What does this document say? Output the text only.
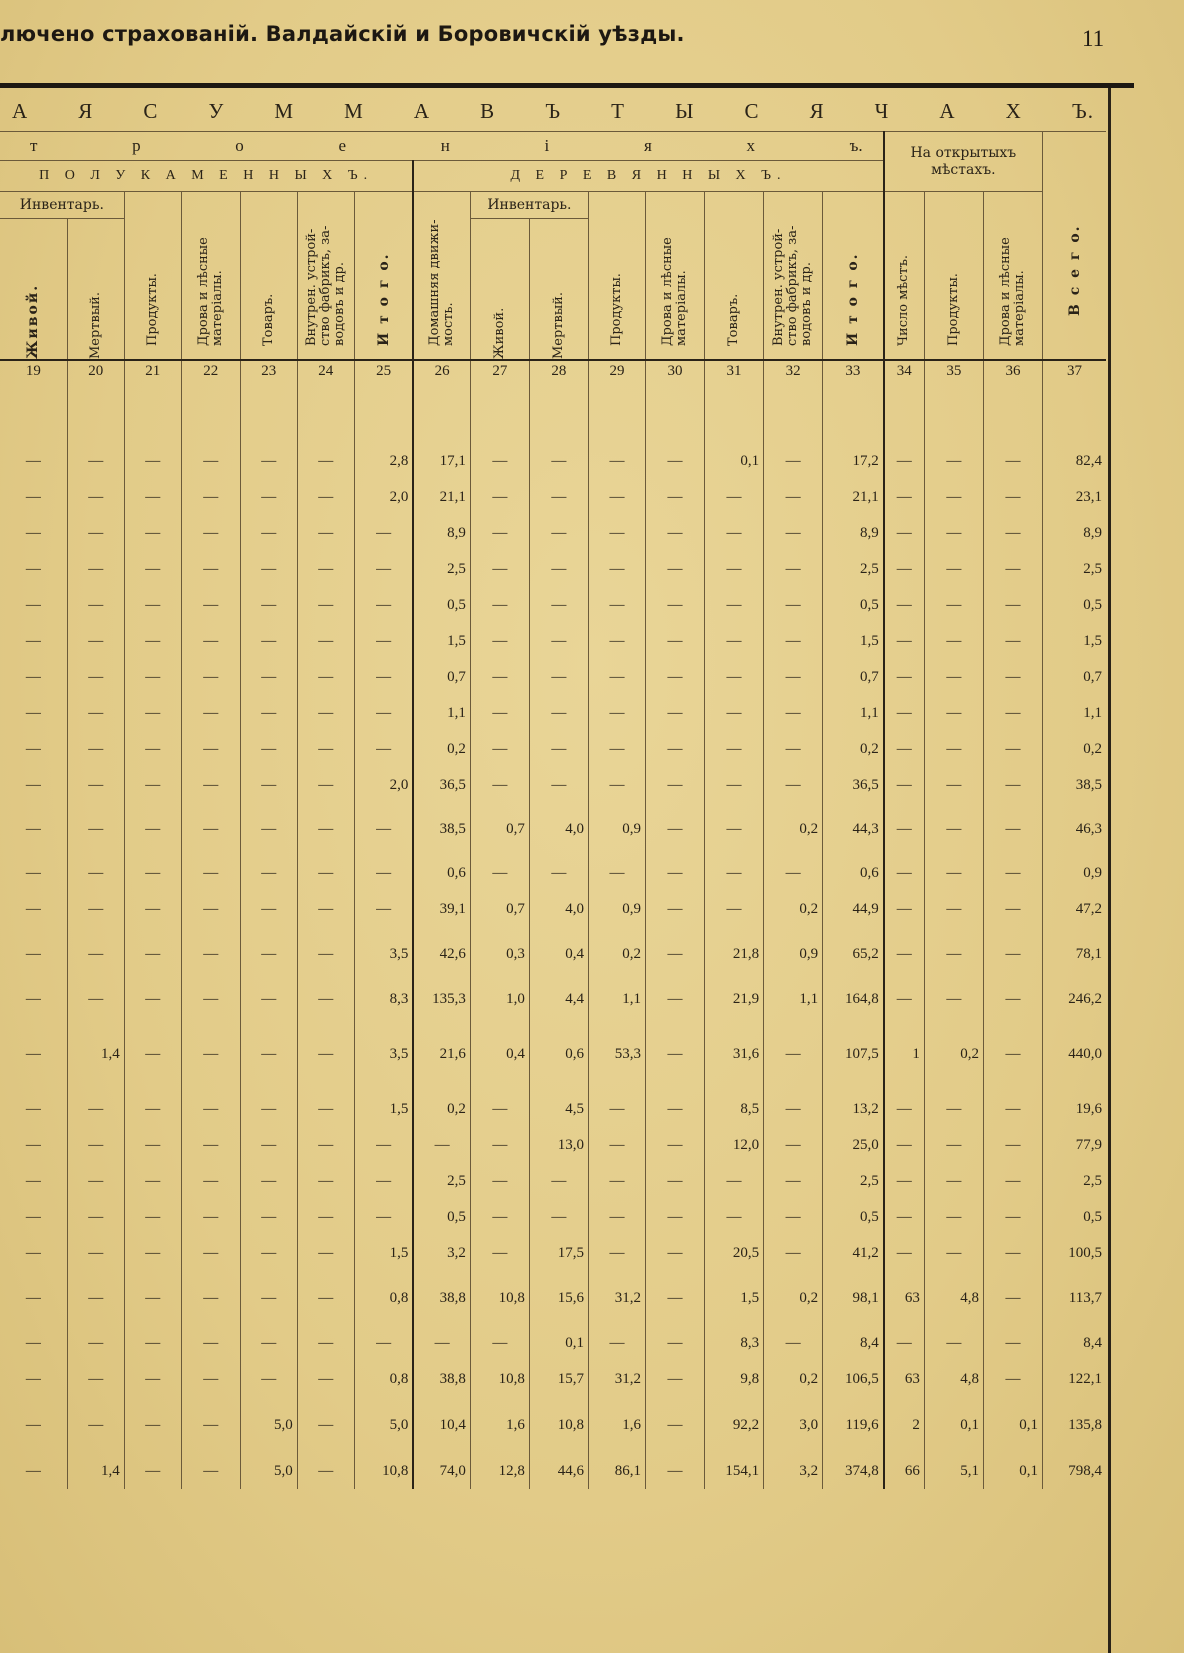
лючено страхованій. Валдайскій и Боровичскій уѣзды.	11
А Я С У М М А В Ъ Т Ы С Я Ч А Х Ъ.																		

т р о е н і я х ъ.															На открытыхъ мѣстахъ.			В с е г о.

П О Л У К А М Е Н Н Ы Х Ъ.							Д Е Р Е В Я Н Н Ы Х Ъ.											

Инвентарь.		Продукты.	Дрова и лѣсные матеріалы.	Товаръ.	Внутрен. устрой-ство фабрикъ, за-водовъ и др.	И т о г о.	Домашняя движи-мость.	Инвентарь.		Продукты.	Дрова и лѣсные матеріалы.	Товаръ.	Внутрен. устрой-ство фабрикъ, за-водовъ и др.	И т о г о.	Число мѣстъ.	Продукты.	Дрова и лѣсные матеріалы.	

Живой.	Мертвый.							Живой.	Мертвый.									

19	20	21	22	23	24	25	26	27	28	29	30	31	32	33	34	35	36	37

—	—	—	—	—	—	2,8	17,1	—	—	—	—	0,1	—	17,2	—	—	—	82,4
—	—	—	—	—	—	2,0	21,1	—	—	—	—	—	—	21,1	—	—	—	23,1
—	—	—	—	—	—	—	8,9	—	—	—	—	—	—	8,9	—	—	—	8,9
—	—	—	—	—	—	—	2,5	—	—	—	—	—	—	2,5	—	—	—	2,5
—	—	—	—	—	—	—	0,5	—	—	—	—	—	—	0,5	—	—	—	0,5
—	—	—	—	—	—	—	1,5	—	—	—	—	—	—	1,5	—	—	—	1,5
—	—	—	—	—	—	—	0,7	—	—	—	—	—	—	0,7	—	—	—	0,7
—	—	—	—	—	—	—	1,1	—	—	—	—	—	—	1,1	—	—	—	1,1
—	—	—	—	—	—	—	0,2	—	—	—	—	—	—	0,2	—	—	—	0,2
—	—	—	—	—	—	2,0	36,5	—	—	—	—	—	—	36,5	—	—	—	38,5
—	—	—	—	—	—	—	38,5	0,7	4,0	0,9	—	—	0,2	44,3	—	—	—	46,3
—	—	—	—	—	—	—	0,6	—	—	—	—	—	—	0,6	—	—	—	0,9
—	—	—	—	—	—	—	39,1	0,7	4,0	0,9	—	—	0,2	44,9	—	—	—	47,2
—	—	—	—	—	—	3,5	42,6	0,3	0,4	0,2	—	21,8	0,9	65,2	—	—	—	78,1
—	—	—	—	—	—	8,3	135,3	1,0	4,4	1,1	—	21,9	1,1	164,8	—	—	—	246,2
—	1,4	—	—	—	—	3,5	21,6	0,4	0,6	53,3	—	31,6	—	107,5	1	0,2	—	440,0
—	—	—	—	—	—	1,5	0,2	—	4,5	—	—	8,5	—	13,2	—	—	—	19,6
—	—	—	—	—	—	—	—	—	13,0	—	—	12,0	—	25,0	—	—	—	77,9
—	—	—	—	—	—	—	2,5	—	—	—	—	—	—	2,5	—	—	—	2,5
—	—	—	—	—	—	—	0,5	—	—	—	—	—	—	0,5	—	—	—	0,5
—	—	—	—	—	—	1,5	3,2	—	17,5	—	—	20,5	—	41,2	—	—	—	100,5
—	—	—	—	—	—	0,8	38,8	10,8	15,6	31,2	—	1,5	0,2	98,1	63	4,8	—	113,7
—	—	—	—	—	—	—	—	—	0,1	—	—	8,3	—	8,4	—	—	—	8,4
—	—	—	—	—	—	0,8	38,8	10,8	15,7	31,2	—	9,8	0,2	106,5	63	4,8	—	122,1
—	—	—	—	5,0	—	5,0	10,4	1,6	10,8	1,6	—	92,2	3,0	119,6	2	0,1	0,1	135,8
—	1,4	—	—	5,0	—	10,8	74,0	12,8	44,6	86,1	—	154,1	3,2	374,8	66	5,1	0,1	798,4
